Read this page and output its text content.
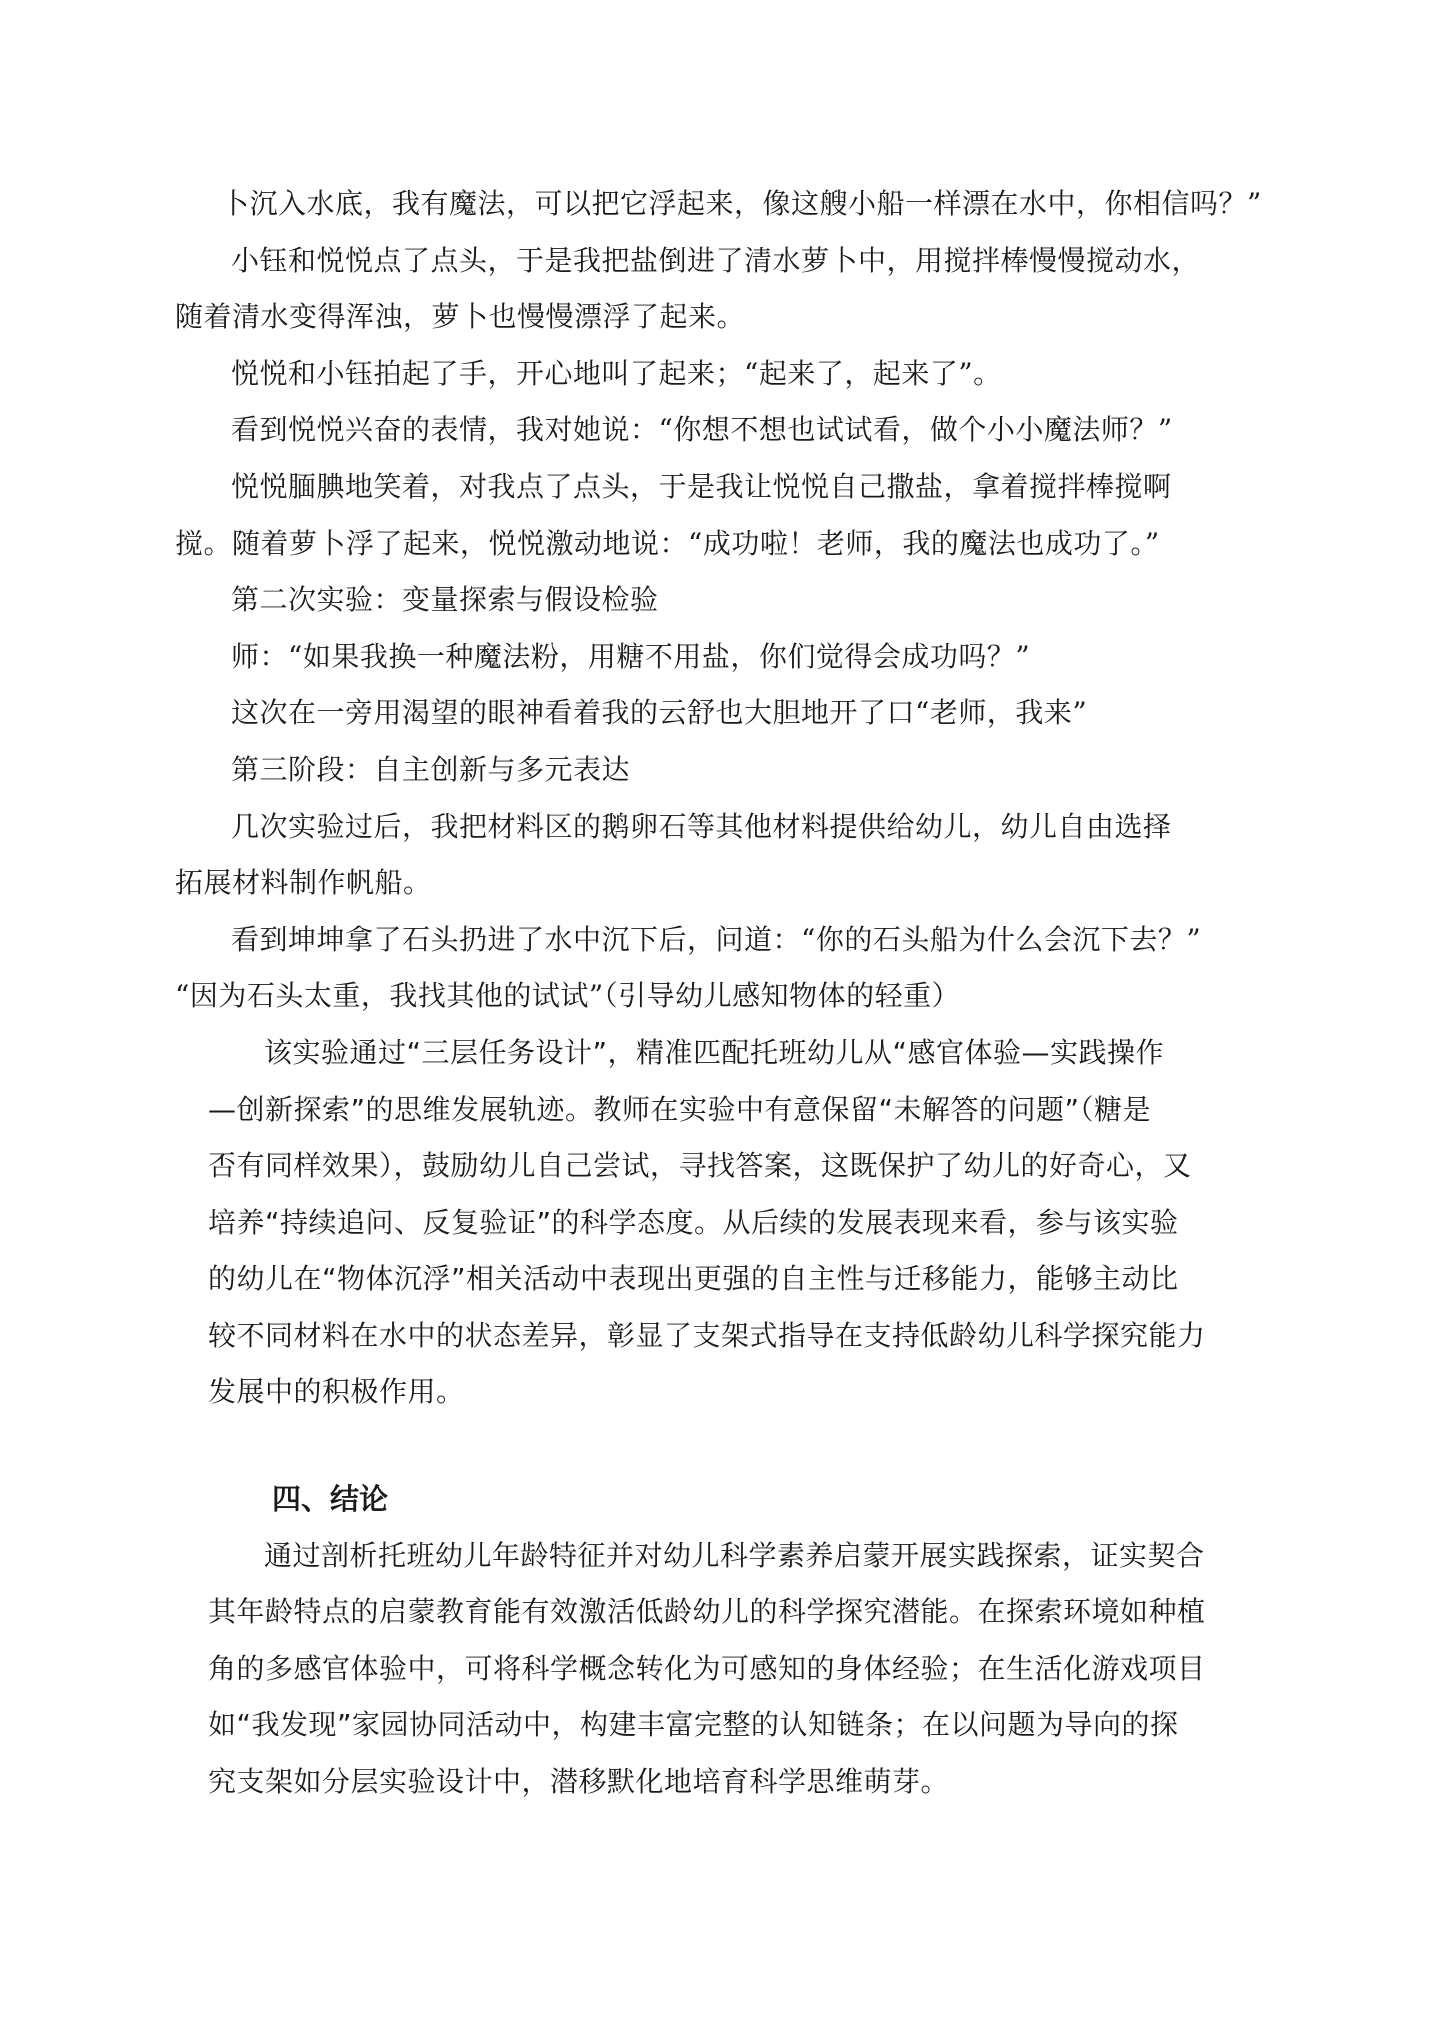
卜沉入水底，我有魔法，可以把它浮起来，像这艘小船一样漂在水中，你相信吗？”
小钰和悦悦点了点头，于是我把盐倒进了清水萝卜中，用搅拌棒慢慢搅动水，
随着清水变得浑浊，萝卜也慢慢漂浮了起来。
悦悦和小钰拍起了手，开心地叫了起来；“起来了，起来了”。
看到悦悦兴奋的表情，我对她说：“你想不想也试试看，做个小小魔法师？”
悦悦腼腆地笑着，对我点了点头，于是我让悦悦自己撒盐，拿着搅拌棒搅啊
搅。随着萝卜浮了起来，悦悦激动地说：“成功啦！老师，我的魔法也成功了。”
第二次实验：变量探索与假设检验
师：“如果我换一种魔法粉，用糖不用盐，你们觉得会成功吗？”
这次在一旁用渴望的眼神看着我的云舒也大胆地开了口“老师，我来”
第三阶段：自主创新与多元表达
几次实验过后，我把材料区的鹅卵石等其他材料提供给幼儿，幼儿自由选择
拓展材料制作帆船。
看到坤坤拿了石头扔进了水中沉下后，问道：“你的石头船为什么会沉下去？”
“因为石头太重，我找其他的试试”（引导幼儿感知物体的轻重）
该实验通过“三层任务设计”，精准匹配托班幼儿从“感官体验—实践操作
—创新探索”的思维发展轨迹。教师在实验中有意保留“未解答的问题”（糖是
否有同样效果），鼓励幼儿自己尝试，寻找答案，这既保护了幼儿的好奇心，又
培养“持续追问、反复验证”的科学态度。从后续的发展表现来看，参与该实验
的幼儿在“物体沉浮”相关活动中表现出更强的自主性与迁移能力，能够主动比
较不同材料在水中的状态差异，彰显了支架式指导在支持低龄幼儿科学探究能力
发展中的积极作用。
四、结论
通过剖析托班幼儿年龄特征并对幼儿科学素养启蒙开展实践探索，证实契合
其年龄特点的启蒙教育能有效激活低龄幼儿的科学探究潜能。在探索环境如种植
角的多感官体验中，可将科学概念转化为可感知的身体经验；在生活化游戏项目
如“我发现”家园协同活动中，构建丰富完整的认知链条；在以问题为导向的探
究支架如分层实验设计中，潜移默化地培育科学思维萌芽。
